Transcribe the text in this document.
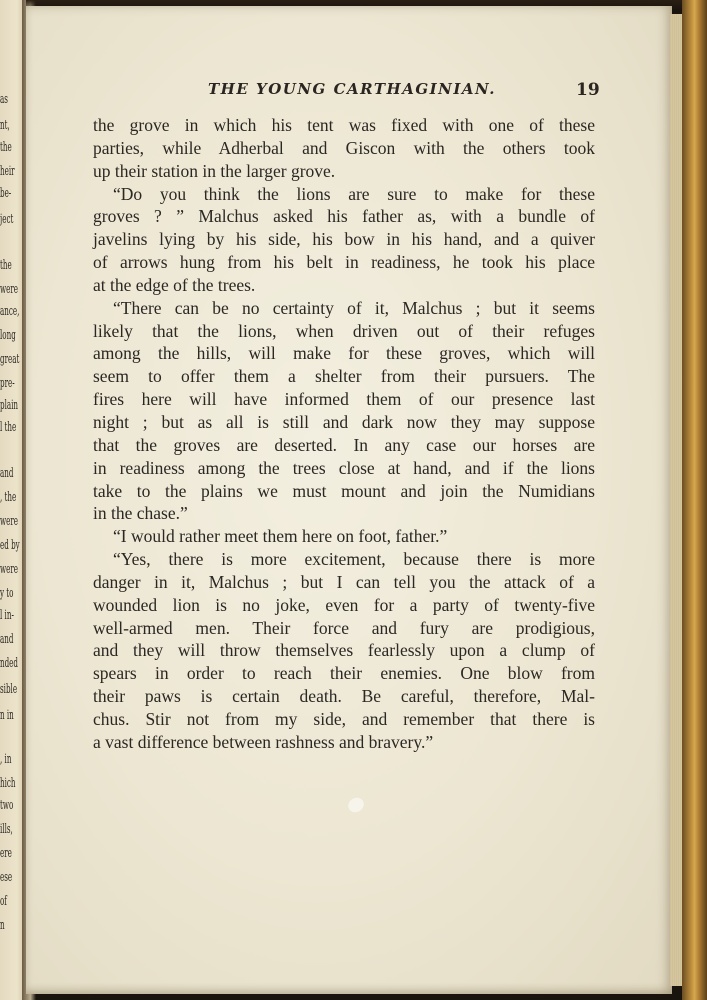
as
nt,
the
heir
be-
ject
the
were
ance,
long
great
pre-
plain
l the
and
, the
were
ed by
were
y to
l in-
and
nded
sible
n in
, in
hich
two
ills,
ere
ese
of
n
THE YOUNG CARTHAGINIAN.	19
the grove in which his tent was fixed with one of these
parties, while Adherbal and Giscon with the others took
up their station in the larger grove.
“Do you think the lions are sure to make for these
groves ? ” Malchus asked his father as, with a bundle of
javelins lying by his side, his bow in his hand, and a quiver
of arrows hung from his belt in readiness, he took his place
at the edge of the trees.
“There can be no certainty of it, Malchus ; but it seems
likely that the lions, when driven out of their refuges
among the hills, will make for these groves, which will
seem to offer them a shelter from their pursuers. The
fires here will have informed them of our presence last
night ; but as all is still and dark now they may suppose
that the groves are deserted. In any case our horses are
in readiness among the trees close at hand, and if the lions
take to the plains we must mount and join the Numidians
in the chase.”
“I would rather meet them here on foot, father.”
“Yes, there is more excitement, because there is more
danger in it, Malchus ; but I can tell you the attack of a
wounded lion is no joke, even for a party of twenty-five
well-armed men. Their force and fury are prodigious,
and they will throw themselves fearlessly upon a clump of
spears in order to reach their enemies. One blow from
their paws is certain death. Be careful, therefore, Mal-
chus. Stir not from my side, and remember that there is
a vast difference between rashness and bravery.”
